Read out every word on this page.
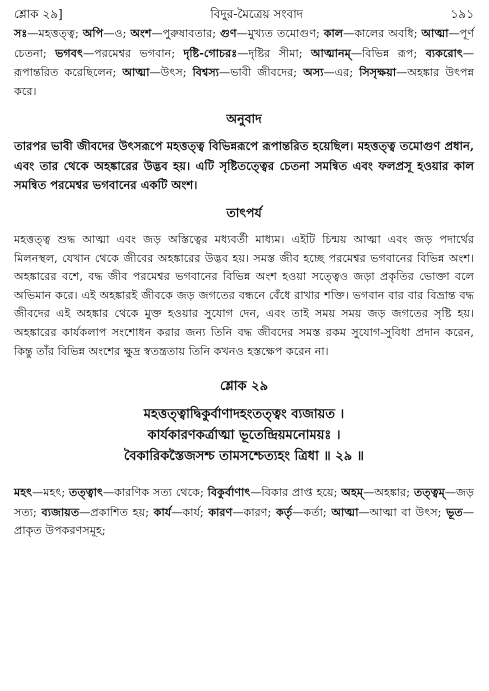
শ্লোক ২৯]	বিদুর-মৈত্রেয় সংবাদ	১৯১

সঃ—মহত্তত্ত্ব; অপি—ও; অংশ—পুরুষাবতার; গুণ—মুখ্যত তমোগুণ; কাল—কালের অবধি; আত্মা—পূর্ণ চেতনা; ভগবৎ—পরমেশ্বর ভগবান; দৃষ্টি-গোচরঃ—দৃষ্টির সীমা; আত্মানম্—বিভিন্ন রূপ; ব্যকরোৎ—রূপান্তরিত করেছিলেন; আত্মা—উৎস; বিশ্বস্য—ভাবী জীবদের; অস্য—এর; সিসৃক্ষয়া—অহঙ্কার উৎপন্ন করে।

অনুবাদ

তারপর ভাবী জীবদের উৎসরূপে মহত্তত্ত্ব বিভিন্নরূপে রূপান্তরিত হয়েছিল। মহত্তত্ত্ব তমোগুণ প্রধান, এবং তার থেকে অহঙ্কারের উদ্ভব হয়। এটি সৃষ্টিতত্ত্বের চেতনা সমন্বিত এবং ফলপ্রসূ হওয়ার কাল সমন্বিত পরমেশ্বর ভগবানের একটি অংশ।

তাৎপর্য

মহত্তত্ত্ব শুদ্ধ আত্মা এবং জড় অস্তিত্বের মধ্যবর্তী মাধ্যম। এইটি চিন্ময় আত্মা এবং জড় পদার্থের মিলনস্থল, যেখান থেকে জীবের অহঙ্কারের উদ্ভব হয়। সমস্ত জীব হচ্ছে পরমেশ্বর ভগবানের বিভিন্ন অংশ। অহঙ্কারের বশে, বদ্ধ জীব পরমেশ্বর ভগবানের বিভিন্ন অংশ হওয়া সত্ত্বেও জড়া প্রকৃতির ভোক্তা বলে অভিমান করে। এই অহঙ্কারই জীবকে জড় জগতের বন্ধনে বেঁধে রাখার শক্তি। ভগবান বার বার বিভ্রান্ত বদ্ধ জীবদের এই অহঙ্কার থেকে মুক্ত হওয়ার সুযোগ দেন, এবং তাই সময় সময় জড় জগতের সৃষ্টি হয়। অহঙ্কারের কার্যকলাপ সংশোধন করার জন্য তিনি বদ্ধ জীবদের সমস্ত রকম সুযোগ-সুবিধা প্রদান করেন, কিন্তু তাঁর বিভিন্ন অংশের ক্ষুদ্র স্বতন্ত্রতায় তিনি কখনও হস্তক্ষেপ করেন না।

শ্লোক ২৯
মহত্তত্ত্বাদ্বিকুর্বাণাদহংতত্ত্বং ব্যজায়ত ।
কার্যকারণকর্ত্রাত্মা ভূতেন্দ্রিয়মনোময়ঃ ।
বৈকারিকস্তৈজসশ্চ তামসশ্চেত্যহং ত্রিধা ॥ ২৯ ॥

মহৎ—মহৎ; তত্ত্বাৎ—কারণিক সত্য থেকে; বিকুর্বাণাৎ—বিকার প্রাপ্ত হয়ে; অহম্—অহঙ্কার; তত্ত্বম্—জড় সত্য; ব্যজায়ত—প্রকাশিত হয়; কার্য—কার্য; কারণ—কারণ; কর্তৃ—কর্তা; আত্মা—আত্মা বা উৎস; ভূত—প্রাকৃত উপকরণসমূহ;
